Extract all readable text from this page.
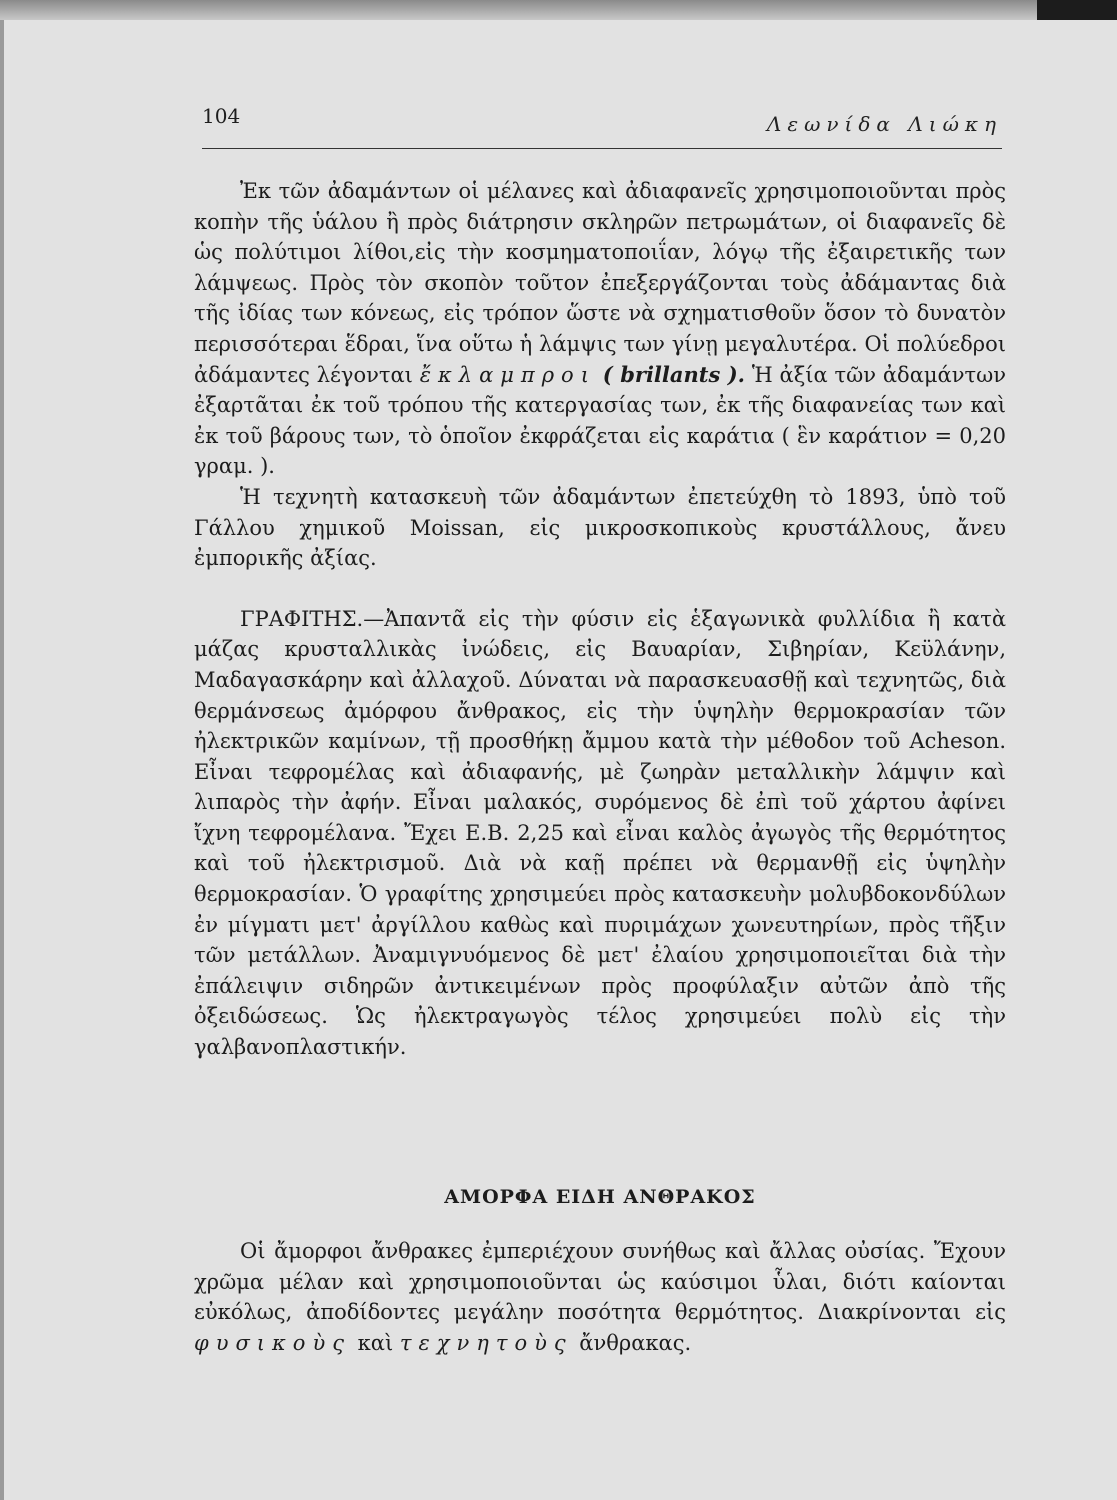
104	Λεωνίδα Λιώκη

Ἐκ τῶν ἀδαμάντων οἱ μέλανες καὶ ἀδιαφανεῖς χρησιμοποιοῦνται πρὸς κοπὴν τῆς ὑάλου ἢ πρὸς διάτρησιν σκληρῶν πετρωμάτων, οἱ διαφανεῖς δὲ ὡς πολύτιμοι λίθοι,εἰς τὴν κοσμηματοποιΐαν, λόγῳ τῆς ἐξαιρετικῆς των λάμψεως. Πρὸς τὸν σκοπὸν τοῦτον ἐπεξεργάζονται τοὺς ἀδάμαντας διὰ τῆς ἰδίας των κόνεως, εἰς τρόπον ὥστε νὰ σχηματισθοῦν ὅσον τὸ δυνατὸν περισσότεραι ἕδραι, ἵνα οὕτω ἡ λάμψις των γίνῃ μεγαλυτέρα. Οἱ πολύεδροι ἀδάμαντες λέγονται ἔκλαμπροι ( brillants ). Ἡ ἀξία τῶν ἀδαμάντων ἐξαρτᾶται ἐκ τοῦ τρόπου τῆς κατεργασίας των, ἐκ τῆς διαφανείας των καὶ ἐκ τοῦ βάρους των, τὸ ὁποῖον ἐκφράζεται εἰς καράτια ( ἓν καράτιον = 0,20 γραμ. ).

Ἡ τεχνητὴ κατασκευὴ τῶν ἀδαμάντων ἐπετεύχθη τὸ 1893, ὑπὸ τοῦ Γάλλου χημικοῦ Moissan, εἰς μικροσκοπικοὺς κρυστάλλους, ἄνευ ἐμπορικῆς ἀξίας.

ΓΡΑΦΙΤΗΣ.—Ἀπαντᾶ εἰς τὴν φύσιν εἰς ἑξαγωνικὰ φυλλίδια ἢ κατὰ μάζας κρυσταλλικὰς ἰνώδεις, εἰς Βαυαρίαν, Σιβηρίαν, Κεϋλάνην, Μαδαγασκάρην καὶ ἀλλαχοῦ. Δύναται νὰ παρασκευασθῇ καὶ τεχνητῶς, διὰ θερμάνσεως ἀμόρφου ἄνθρακος, εἰς τὴν ὑψηλὴν θερμοκρασίαν τῶν ἠλεκτρικῶν καμίνων, τῇ προσθήκῃ ἄμμου κατὰ τὴν μέθοδον τοῦ Acheson. Εἶναι τεφρομέλας καὶ ἀδιαφανής, μὲ ζωηρὰν μεταλλικὴν λάμψιν καὶ λιπαρὸς τὴν ἀφήν. Εἶναι μαλακός, συρόμενος δὲ ἐπὶ τοῦ χάρτου ἀφίνει ἴχνη τεφρομέλανα. Ἔχει Ε.Β. 2,25 καὶ εἶναι καλὸς ἀγωγὸς τῆς θερμότητος καὶ τοῦ ἠλεκτρισμοῦ. Διὰ νὰ καῇ πρέπει νὰ θερμανθῇ εἰς ὑψηλὴν θερμοκρασίαν. Ὁ γραφίτης χρησιμεύει πρὸς κατασκευὴν μολυβδοκονδύλων ἐν μίγματι μετ' ἀργίλλου καθὼς καὶ πυριμάχων χωνευτηρίων, πρὸς τῆξιν τῶν μετάλλων. Ἀναμιγνυόμενος δὲ μετ' ἐλαίου χρησιμοποιεῖται διὰ τὴν ἐπάλειψιν σιδηρῶν ἀντικειμένων πρὸς προφύλαξιν αὐτῶν ἀπὸ τῆς ὀξειδώσεως. Ὡς ἠλεκτραγωγὸς τέλος χρησιμεύει πολὺ εἰς τὴν γαλβανοπλαστικήν.

ΑΜΟΡΦΑ ΕΙΔΗ ΑΝΘΡΑΚΟΣ

Οἱ ἄμορφοι ἄνθρακες ἐμπεριέχουν συνήθως καὶ ἄλλας οὐσίας. Ἔχουν χρῶμα μέλαν καὶ χρησιμοποιοῦνται ὡς καύσιμοι ὗλαι, διότι καίονται εὐκόλως, ἀποδίδοντες μεγάλην ποσότητα θερμότητος. Διακρίνονται εἰς φυσικοὺς καὶ τεχνητοὺς ἄνθρακας.
